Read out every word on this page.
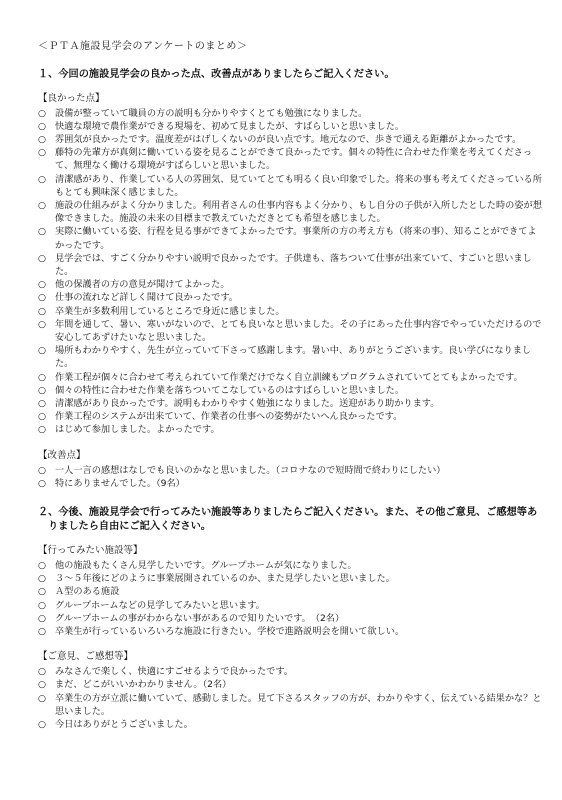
＜ＰＴＡ施設見学会のアンケートのまとめ＞
１、今回の施設見学会の良かった点、改善点がありましたらご記入ください。
【良かった点】
○ 設備が整っていて職員の方の説明も分かりやすくとても勉強になりました。
○ 快適な環境で農作業ができる現場を、初めて見ましたが、すばらしいと思いました。
○ 雰囲気が良かったです。温度差がはげしくないのが良い点です。地元なので、歩きで通える距離がよかったです。
○ 藤特の先輩方が真剣に働いている姿を見ることができて良かったです。個々の特性に合わせた作業を考えてくださって、無理なく働ける環境がすばらしいと思いました。
○ 清潔感があり、作業している人の雰囲気、見ていてとても明るく良い印象でした。将来の事も考えてくださっている所もとても興味深く感じました。
○ 施設の仕組みがよく分かりました。利用者さんの仕事内容もよく分かり、もし自分の子供が入所したとした時の姿が想像できました。施設の未来の目標まで教えていただきとても希望を感じました。
○ 実際に働いている姿、行程を見る事ができてよかったです。事業所の方の考え方も（将来の事）、知ることができてよかったです。
○ 見学会では、すごく分かりやすい説明で良かったです。子供達も、落ちついて仕事が出来ていて、すごいと思いました。
○ 他の保護者の方の意見が聞けてよかった。
○ 仕事の流れなど詳しく聞けて良かったです。
○ 卒業生が多数利用しているところで身近に感じました。
○ 年間を通して、暑い、寒いがないので、とても良いなと思いました。その子にあった仕事内容でやっていただけるので安心してあずけたいなと思いました。
○ 場所もわかりやすく、先生が立っていて下さって感謝します。暑い中、ありがとうございます。良い学びになりました。
○ 作業工程が個々に合わせて考えられていて作業だけでなく自立訓練もプログラムされていてとてもよかったです。
○ 個々の特性に合わせた作業を落ちついてこなしているのはすばらしいと思いました。
○ 清潔感があり良かったです。説明もわかりやすく勉強になりました。送迎があり助かります。
○ 作業工程のシステムが出来ていて、作業者の仕事への姿勢がたいへん良かったです。
○ はじめて参加しました。よかったです。
【改善点】
○ 一人一言の感想はなしでも良いのかなと思いました。（コロナなので短時間で終わりにしたい）
○ 特にありませんでした。（9名）
２、今後、施設見学会で行ってみたい施設等ありましたらご記入ください。また、その他ご意見、ご感想等ありましたら自由にご記入ください。
【行ってみたい施設等】
○ 他の施設もたくさん見学したいです。グループホームが気になりました。
○ ３～５年後にどのように事業展開されているのか、また見学したいと思いました。
○ Ａ型のある施設
○ グループホームなどの見学してみたいと思います。
○ グループホームの事がわからない事があるので知りたいです。　（2名）
○ 卒業生が行っているいろいろな施設に行きたい。学校で進路説明会を開いて欲しい。
【ご意見、ご感想等】
○ みなさんで楽しく、快適にすごせるようで良かったです。
○ まだ、どこがいいかわかりません。（2名）
○ 卒業生の方が立派に働いていて、感動しました。見て下さるスタッフの方が、わかりやすく、伝えている結果かな？と思いました。
○ 今日はありがとうございました。
